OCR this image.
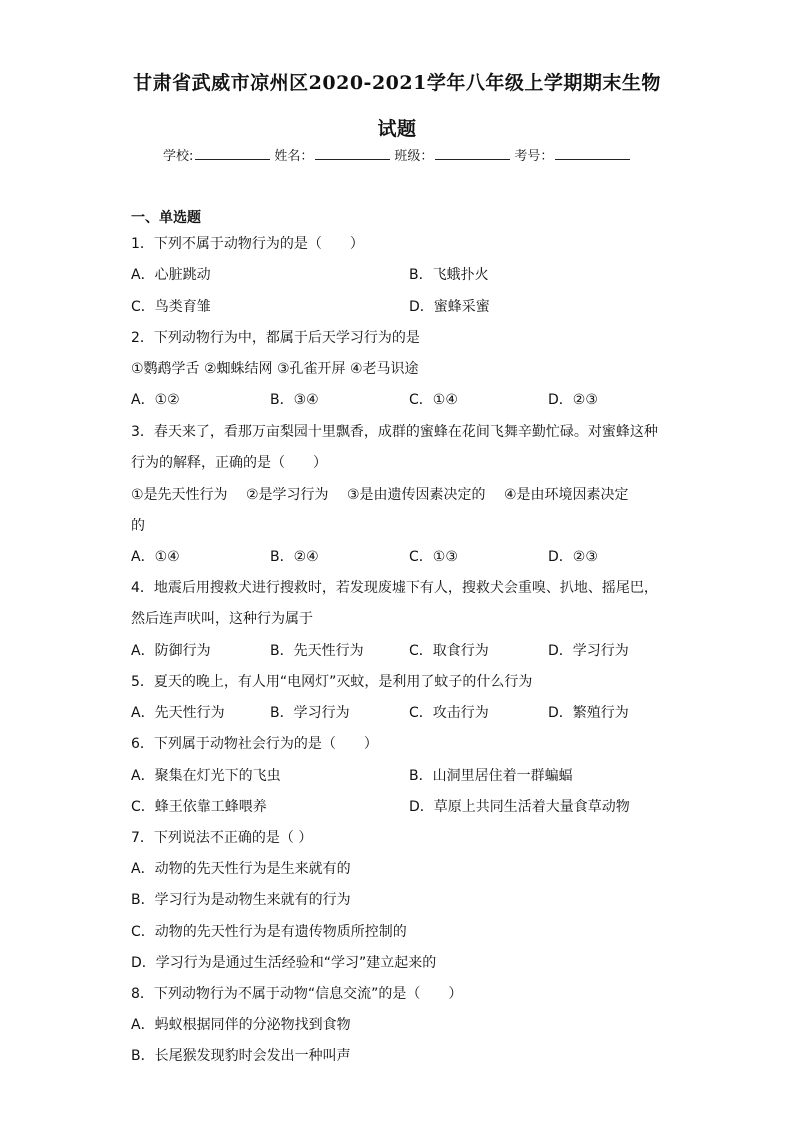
甘肃省武威市凉州区2020-2021学年八年级上学期期末生物
试题
学校:	姓名：	班级：	考号：
一、单选题
1．下列不属于动物行为的是（　　）
A．心脏跳动	B．飞蛾扑火
C．鸟类育雏	D．蜜蜂采蜜
2．下列动物行为中，都属于后天学习行为的是
①鹦鹉学舌 ②蜘蛛结网 ③孔雀开屏 ④老马识途
A．①②	B．③④	C．①④	D．②③
3．春天来了，看那万亩梨园十里飘香，成群的蜜蜂在花间飞舞辛勤忙碌。对蜜蜂这种
行为的解释，正确的是（　　）
①是先天性行为　 ②是学习行为　 ③是由遗传因素决定的　 ④是由环境因素决定
的
A．①④	B．②④	C．①③	D．②③
4．地震后用搜救犬进行搜救时，若发现废墟下有人，搜救犬会重嗅、扒地、摇尾巴，
然后连声吠叫，这种行为属于
A．防御行为	B．先天性行为	C．取食行为	D．学习行为
5．夏天的晚上，有人用“电网灯”灭蚊，是利用了蚊子的什么行为
A．先天性行为	B．学习行为	C．攻击行为	D．繁殖行为
6．下列属于动物社会行为的是（　　）
A．聚集在灯光下的飞虫	B．山洞里居住着一群蝙蝠
C．蜂王依靠工蜂喂养	D．草原上共同生活着大量食草动物
7．下列说法不正确的是（ ）
A．动物的先天性行为是生来就有的
B．学习行为是动物生来就有的行为
C．动物的先天性行为是有遗传物质所控制的
D．学习行为是通过生活经验和“学习”建立起来的
8．下列动物行为不属于动物“信息交流”的是（　　）
A．蚂蚁根据同伴的分泌物找到食物
B．长尾猴发现豹时会发出一种叫声
